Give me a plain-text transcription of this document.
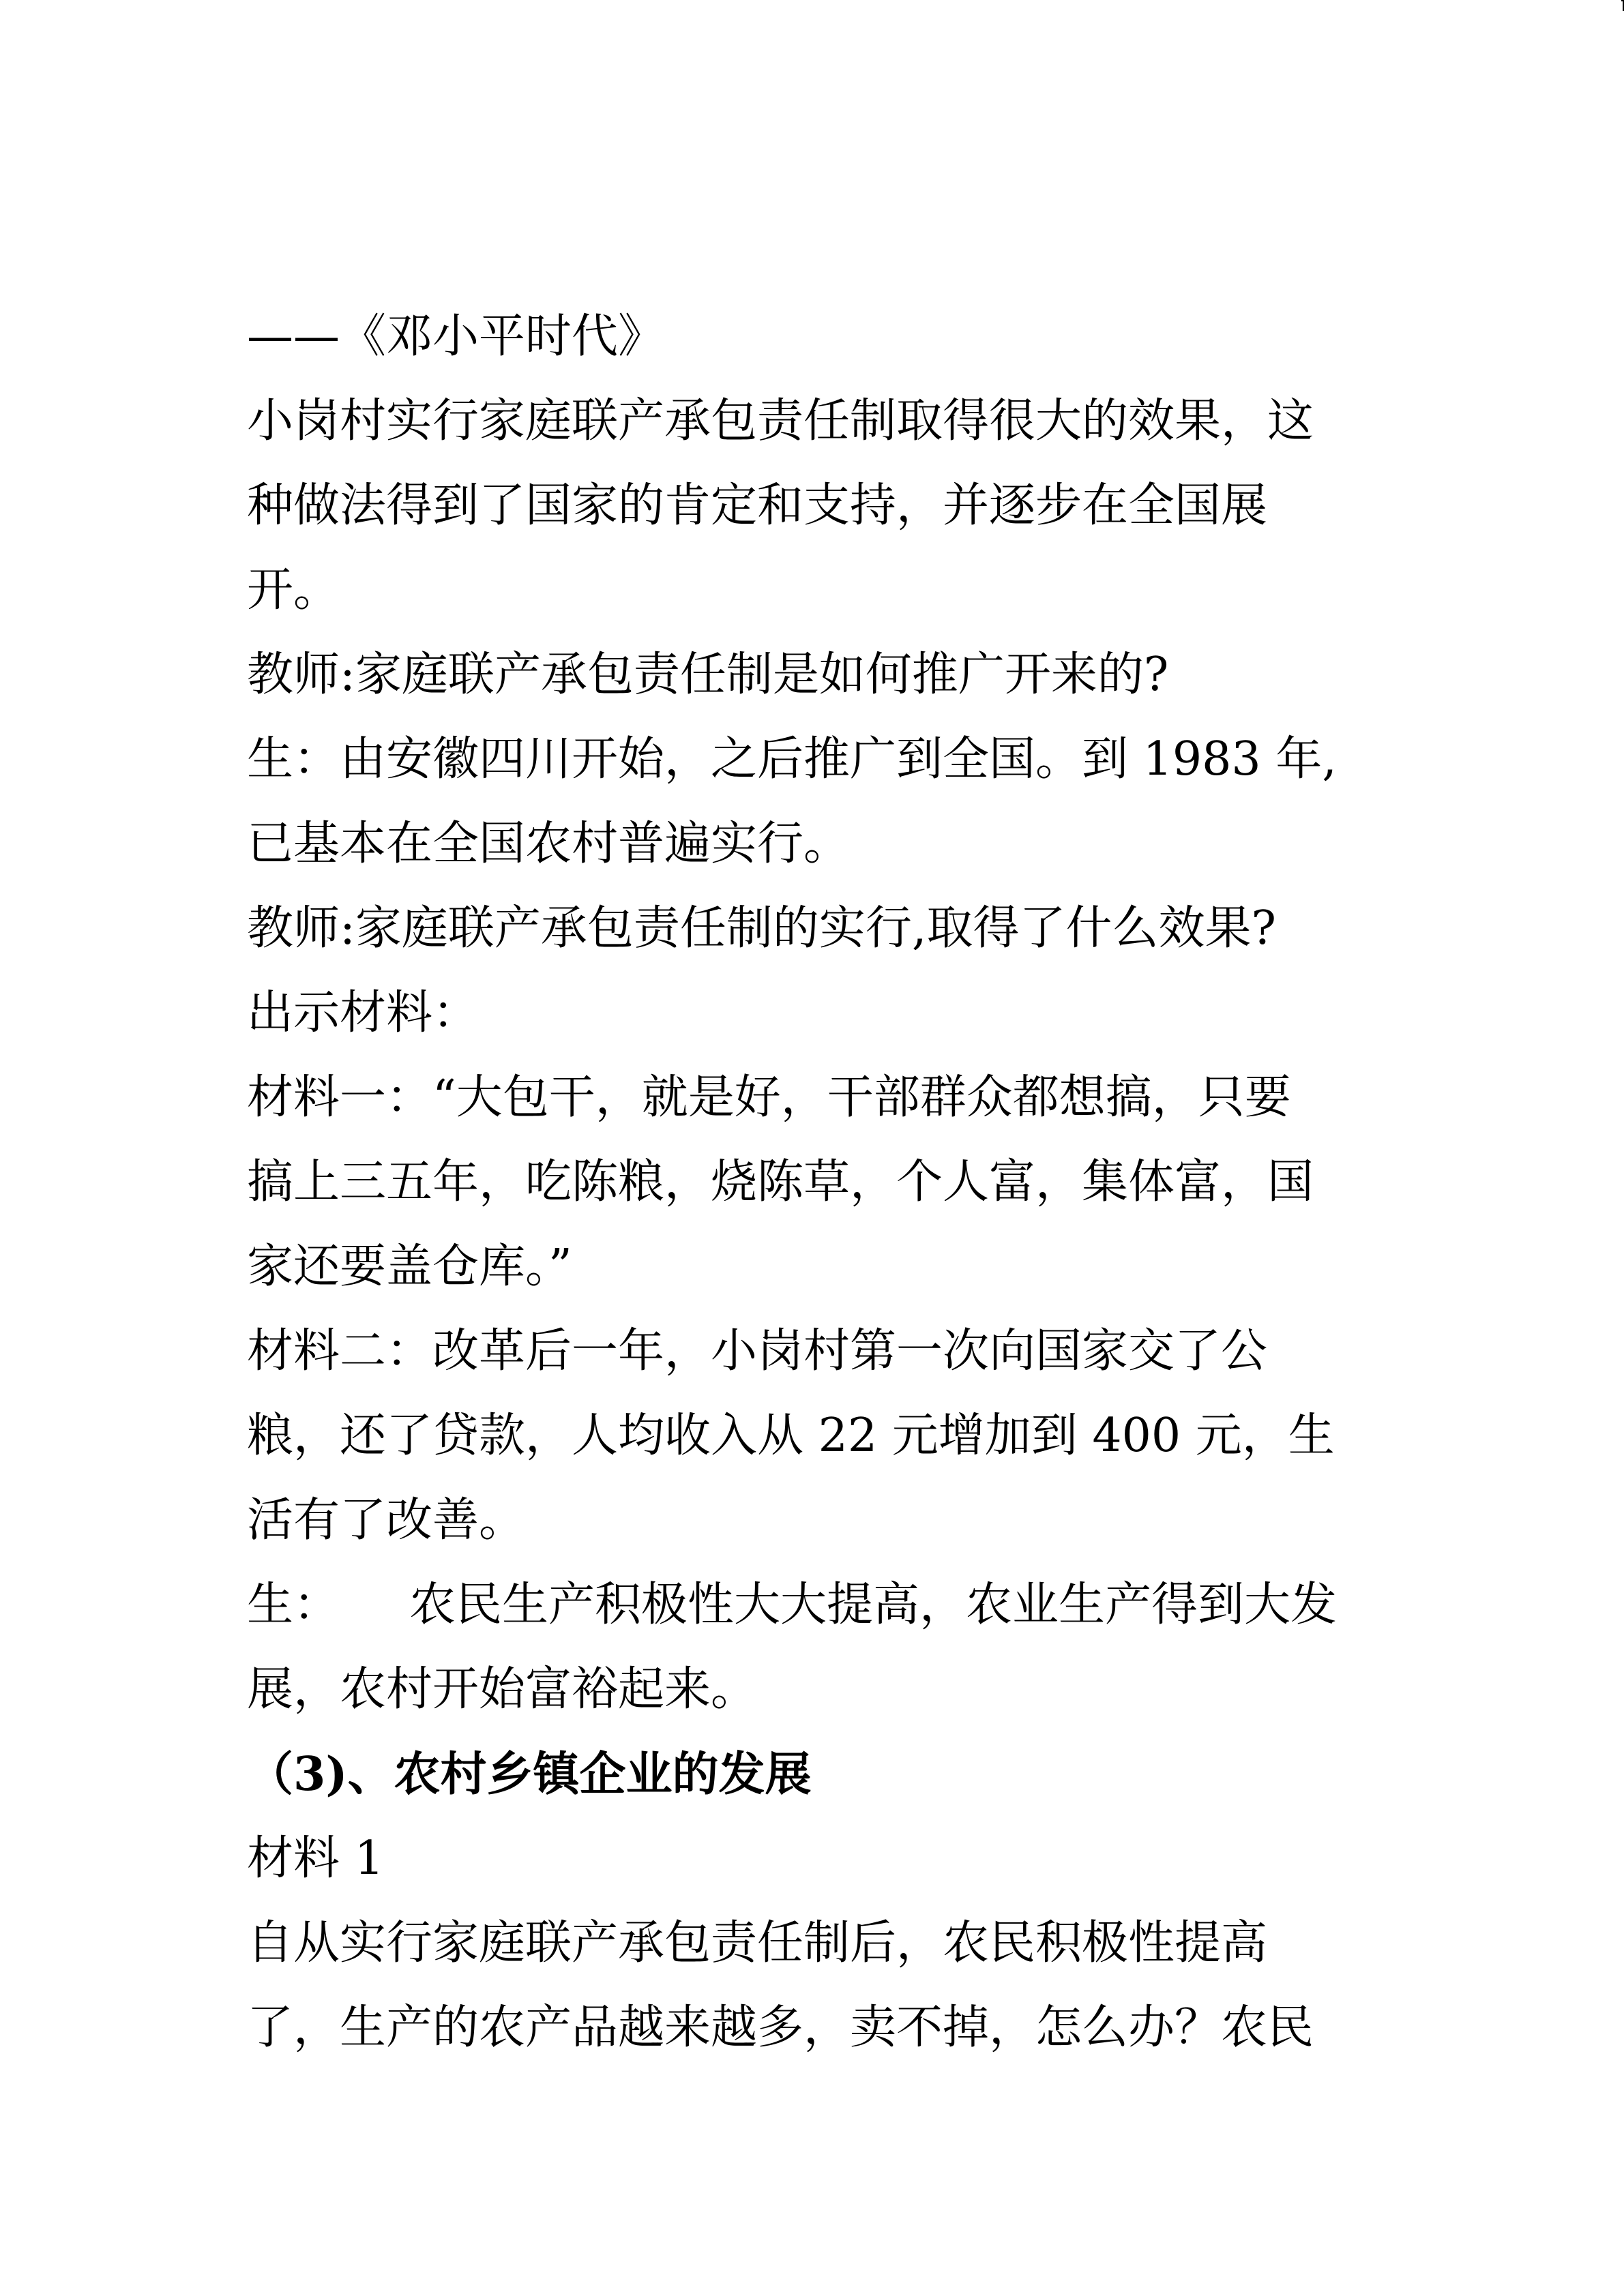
——《邓小平时代》
小岗村实行家庭联产承包责任制取得很大的效果，这
种做法得到了国家的肯定和支持，并逐步在全国展
开。
教师:家庭联产承包责任制是如何推广开来的?
生：由安徽四川开始，之后推广到全国。到 1983 年,
已基本在全国农村普遍实行。
教师:家庭联产承包责任制的实行,取得了什么效果?
出示材料：
材料一：“大包干，就是好，干部群众都想搞，只要
搞上三五年，吃陈粮，烧陈草，个人富，集体富，国
家还要盖仓库。”
材料二：改革后一年，小岗村第一次向国家交了公
粮，还了贷款，人均收入从 22 元增加到 400 元，生
活有了改善。
生：　　农民生产积极性大大提高，农业生产得到大发
展，农村开始富裕起来。
（3)、农村乡镇企业的发展
材料 1
自从实行家庭联产承包责任制后，农民积极性提高
了，生产的农产品越来越多，卖不掉，怎么办？农民
